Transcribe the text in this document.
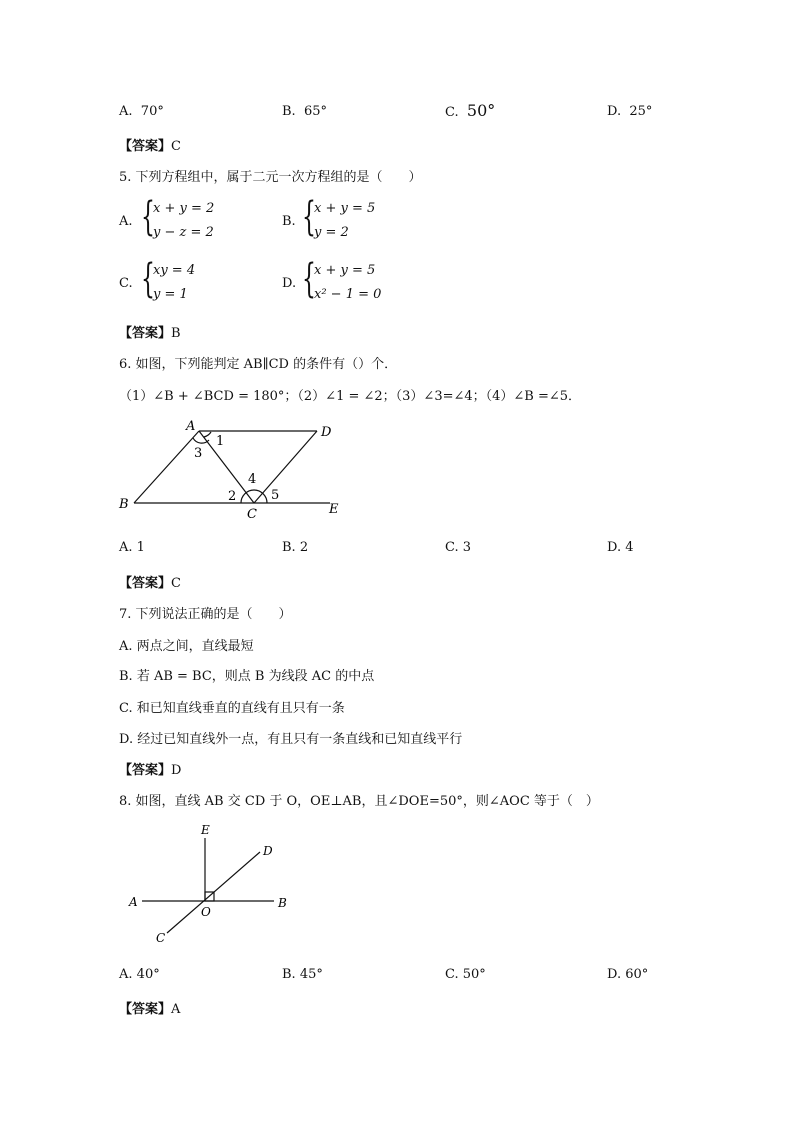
A. 70°	B. 65°	C. 50°	D. 25°
【答案】C
5. 下列方程组中，属于二元一次方程组的是（　　）
A. {
x + y = 2
y − z = 2
B. {
x + y = 5
y = 2
C. {
xy = 4
y = 1
D. {
x + y = 5
x² − 1 = 0
【答案】B
6. 如图，下列能判定 AB∥CD 的条件有（）个．
（1）∠B + ∠BCD = 180°；（2）∠1 = ∠2；（3）∠3=∠4；（4）∠B =∠5．
A
B
C
D
E
1
3
4
2	5
A. 1	B. 2	C. 3	D. 4
【答案】C
7. 下列说法正确的是（　　）
A. 两点之间，直线最短
B. 若 AB = BC，则点 B 为线段 AC 的中点
C. 和已知直线垂直的直线有且只有一条
D. 经过已知直线外一点，有且只有一条直线和已知直线平行
【答案】D
8. 如图，直线 AB 交 CD 于 O，OE⊥AB，且∠DOE=50°，则∠AOC 等于（　）
E
D
A	B
O
C
A. 40°	B. 45°	C. 50°	D. 60°
【答案】A
